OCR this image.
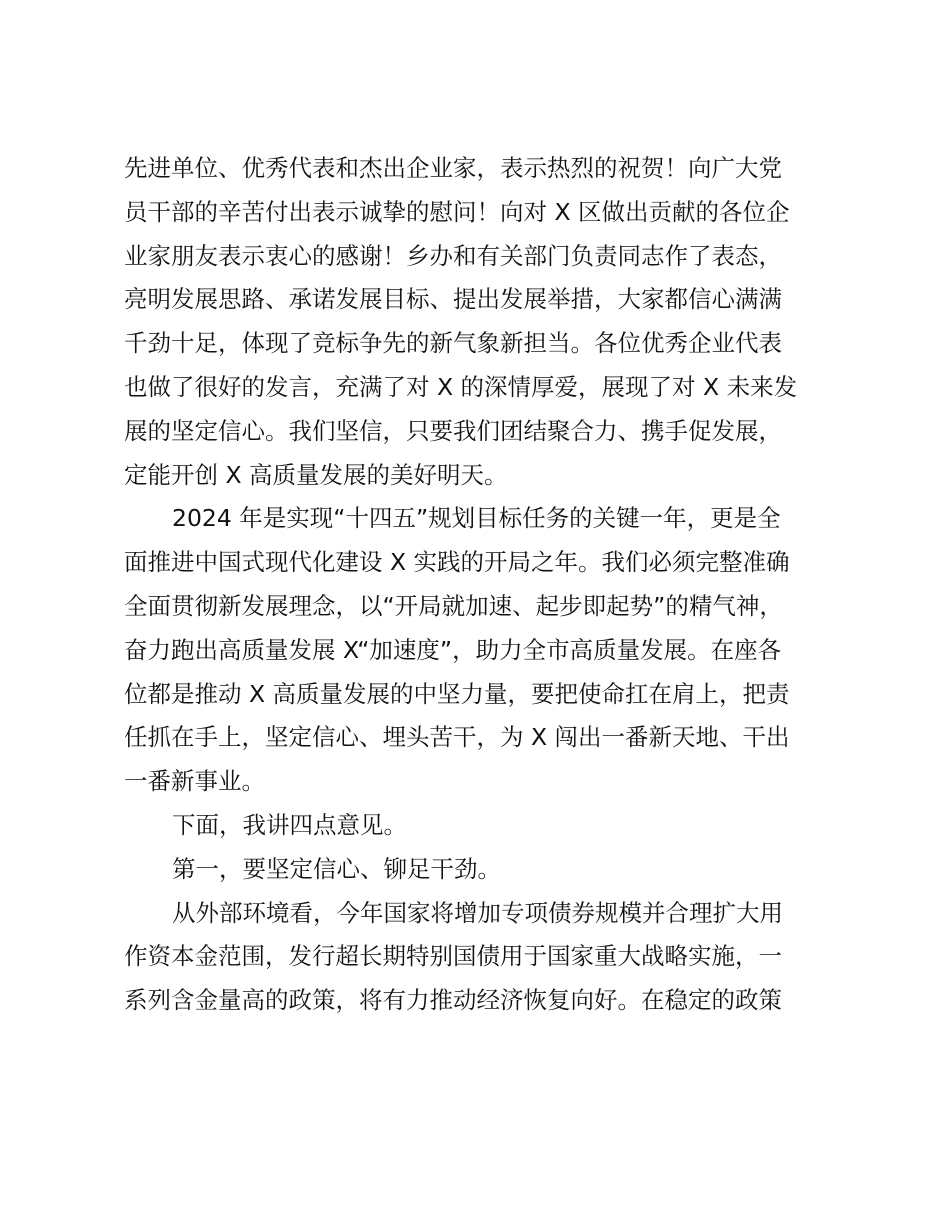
先进单位、优秀代表和杰出企业家，表示热烈的祝贺！向广大党
员干部的辛苦付出表示诚挚的慰问！向对 X 区做出贡献的各位企
业家朋友表示衷心的感谢！乡办和有关部门负责同志作了表态，
亮明发展思路、承诺发展目标、提出发展举措，大家都信心满满
千劲十足，体现了竞标争先的新气象新担当。各位优秀企业代表
也做了很好的发言，充满了对 X 的深情厚爱，展现了对 X 未来发
展的坚定信心。我们坚信，只要我们团结聚合力、携手促发展，
定能开创 X 高质量发展的美好明天。
2024 年是实现“十四五”规划目标任务的关键一年，更是全
面推进中国式现代化建设 X 实践的开局之年。我们必须完整准确
全面贯彻新发展理念，以“开局就加速、起步即起势”的精气神，
奋力跑出高质量发展 X“加速度”，助力全市高质量发展。在座各
位都是推动 X 高质量发展的中坚力量，要把使命扛在肩上，把责
任抓在手上，坚定信心、埋头苦干，为 X 闯出一番新天地、干出
一番新事业。
下面，我讲四点意见。
第一，要坚定信心、铆足干劲。
从外部环境看，今年国家将增加专项债券规模并合理扩大用
作资本金范围，发行超长期特别国债用于国家重大战略实施，一
系列含金量高的政策，将有力推动经济恢复向好。在稳定的政策
